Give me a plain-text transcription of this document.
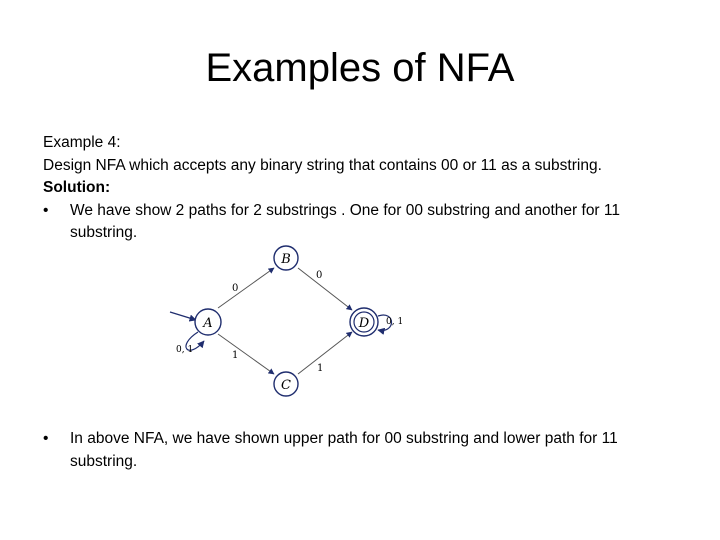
Examples of NFA
Example 4:
Design NFA which accepts any binary string that contains 00 or 11 as a substring.
Solution:
•	We have show 2 paths for 2 substrings . One for 00 substring and another for 11 substring.
A
B
C
D
0, 1
0
0
1
1
0, 1
•	In above NFA, we have shown upper path for 00 substring and lower path for 11 substring.
